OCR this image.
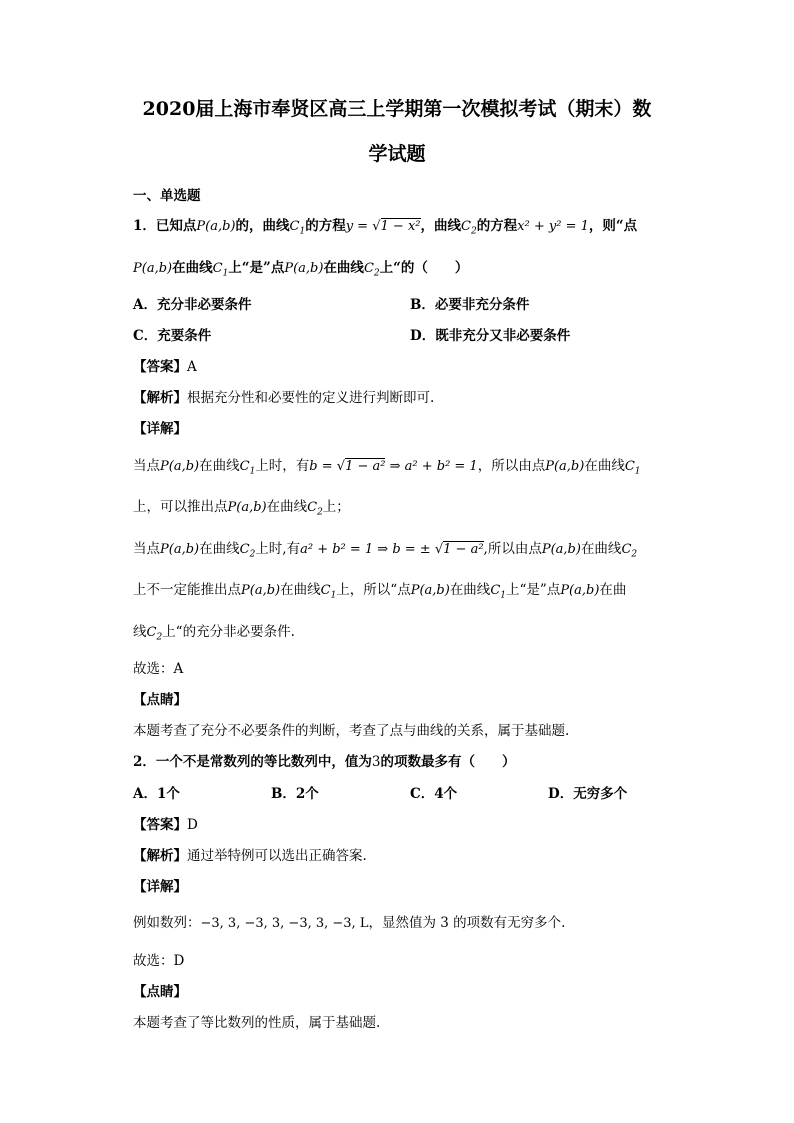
2020届上海市奉贤区高三上学期第一次模拟考试（期末）数
学试题
一、单选题
1．已知点P(a,b)的，曲线$C_1$的方程y = √1 − x²，曲线$C_2$的方程x² + y² = 1，则“点
P(a,b)在曲线$C_1$上“是”点P(a,b)在曲线$C_2$上“的（　　）
A．充分非必要条件	B．必要非充分条件
C．充要条件	D．既非充分又非必要条件
【答案】A
【解析】根据充分性和必要性的定义进行判断即可.
【详解】
当点P(a,b)在曲线$C_1$上时，有b = √1 − a² ⇒ a² + b² = 1，所以由点P(a,b)在曲线$C_1$
上，可以推出点P(a,b)在曲线$C_2$上；
当点P(a,b)在曲线$C_2$上时,有a² + b² = 1 ⇒ b = ± √1 − a²,所以由点P(a,b)在曲线$C_2$
上不一定能推出点P(a,b)在曲线$C_1$上，所以“点P(a,b)在曲线$C_1$上“是”点P(a,b)在曲
线$C_2$上“的充分非必要条件.
故选：A
【点睛】
本题考查了充分不必要条件的判断，考查了点与曲线的关系，属于基础题.
2．一个不是常数列的等比数列中，值为3的项数最多有（　　）
A．1个	B．2个	C．4个	D．无穷多个
【答案】D
【解析】通过举特例可以选出正确答案.
【详解】
例如数列：−3, 3, −3, 3, −3, 3, −3, L，显然值为 3 的项数有无穷多个.
故选：D
【点睛】
本题考查了等比数列的性质，属于基础题.
